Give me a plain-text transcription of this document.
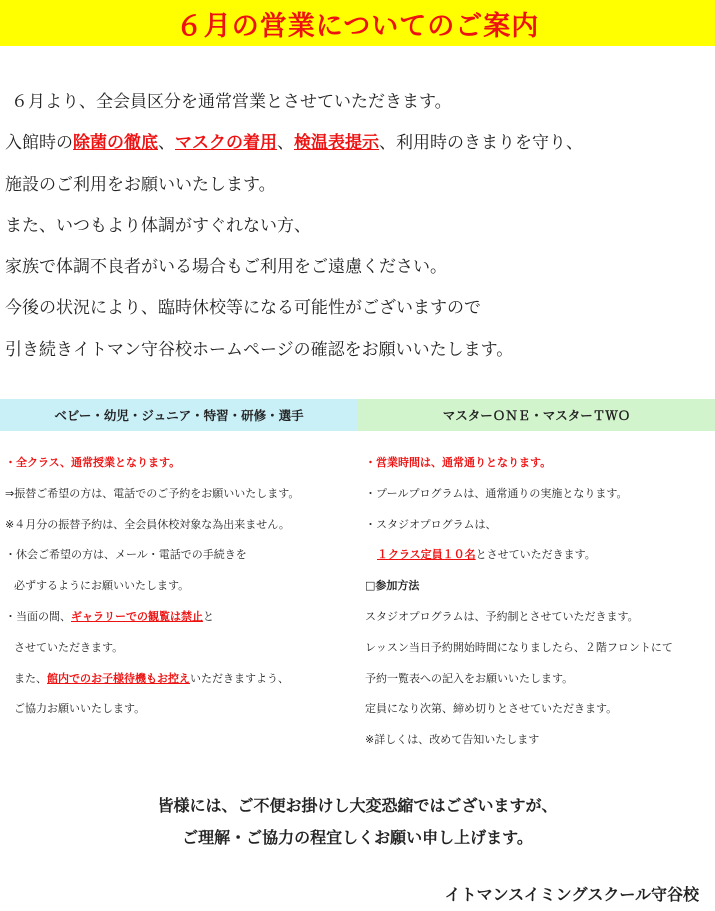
６月の営業についてのご案内
６月より、全会員区分を通常営業とさせていただきます。
入館時の除菌の徹底、マスクの着用、検温表提示、利用時のきまりを守り、
施設のご利用をお願いいたします。
また、いつもより体調がすぐれない方、
家族で体調不良者がいる場合もご利用をご遠慮ください。
今後の状況により、臨時休校等になる可能性がございますので
引き続きイトマン守谷校ホームページの確認をお願いいたします。
ベビー・幼児・ジュニア・特習・研修・選手	マスターＯＮＥ・マスターＴＷＯ
・全クラス、通常授業となります。
⇒振替ご希望の方は、電話でのご予約をお願いいたします。
※４月分の振替予約は、全会員休校対象な為出来ません。
・休会ご希望の方は、メール・電話での手続きを
必ずするようにお願いいたします。
・当面の間、ギャラリーでの観覧は禁止と
させていただきます。
また、館内でのお子様待機もお控えいただきますよう、
ご協力お願いいたします。
・営業時間は、通常通りとなります。
・プールプログラムは、通常通りの実施となります。
・スタジオプログラムは、
１クラス定員１０名とさせていただきます。
□参加方法
スタジオプログラムは、予約制とさせていただきます。
レッスン当日予約開始時間になりましたら、２階フロントにて
予約一覧表への記入をお願いいたします。
定員になり次第、締め切りとさせていただきます。
※詳しくは、改めて告知いたします
皆様には、ご不便お掛けし大変恐縮ではございますが、
ご理解・ご協力の程宜しくお願い申し上げます。
イトマンスイミングスクール守谷校
